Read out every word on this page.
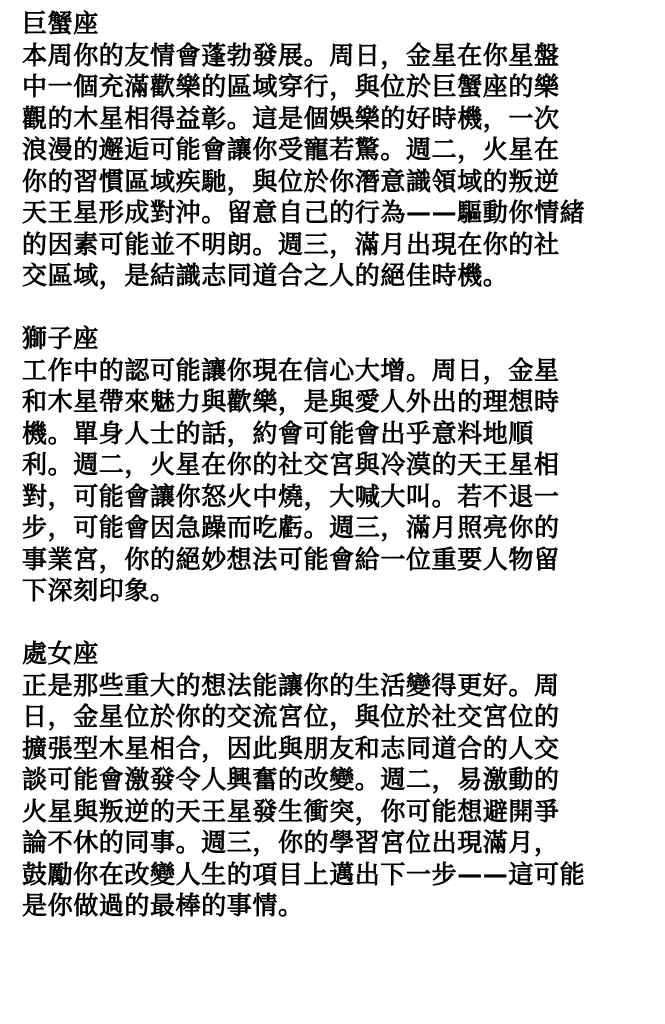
巨蟹座
本周你的友情會蓬勃發展。周日，金星在你星盤
中一個充滿歡樂的區域穿行，與位於巨蟹座的樂
觀的木星相得益彰。這是個娛樂的好時機，一次
浪漫的邂逅可能會讓你受寵若驚。週二，火星在
你的習慣區域疾馳，與位於你潛意識領域的叛逆
天王星形成對沖。留意自己的行為——驅動你情緒
的因素可能並不明朗。週三，滿月出現在你的社
交區域，是結識志同道合之人的絕佳時機。
獅子座
工作中的認可能讓你現在信心大增。周日，金星
和木星帶來魅力與歡樂，是與愛人外出的理想時
機。單身人士的話，約會可能會出乎意料地順
利。週二，火星在你的社交宮與冷漠的天王星相
對，可能會讓你怒火中燒，大喊大叫。若不退一
步，可能會因急躁而吃虧。週三，滿月照亮你的
事業宮，你的絕妙想法可能會給一位重要人物留
下深刻印象。
處女座
正是那些重大的想法能讓你的生活變得更好。周
日，金星位於你的交流宮位，與位於社交宮位的
擴張型木星相合，因此與朋友和志同道合的人交
談可能會激發令人興奮的改變。週二，易激動的
火星與叛逆的天王星發生衝突，你可能想避開爭
論不休的同事。週三，你的學習宮位出現滿月，
鼓勵你在改變人生的項目上邁出下一步——這可能
是你做過的最棒的事情。
